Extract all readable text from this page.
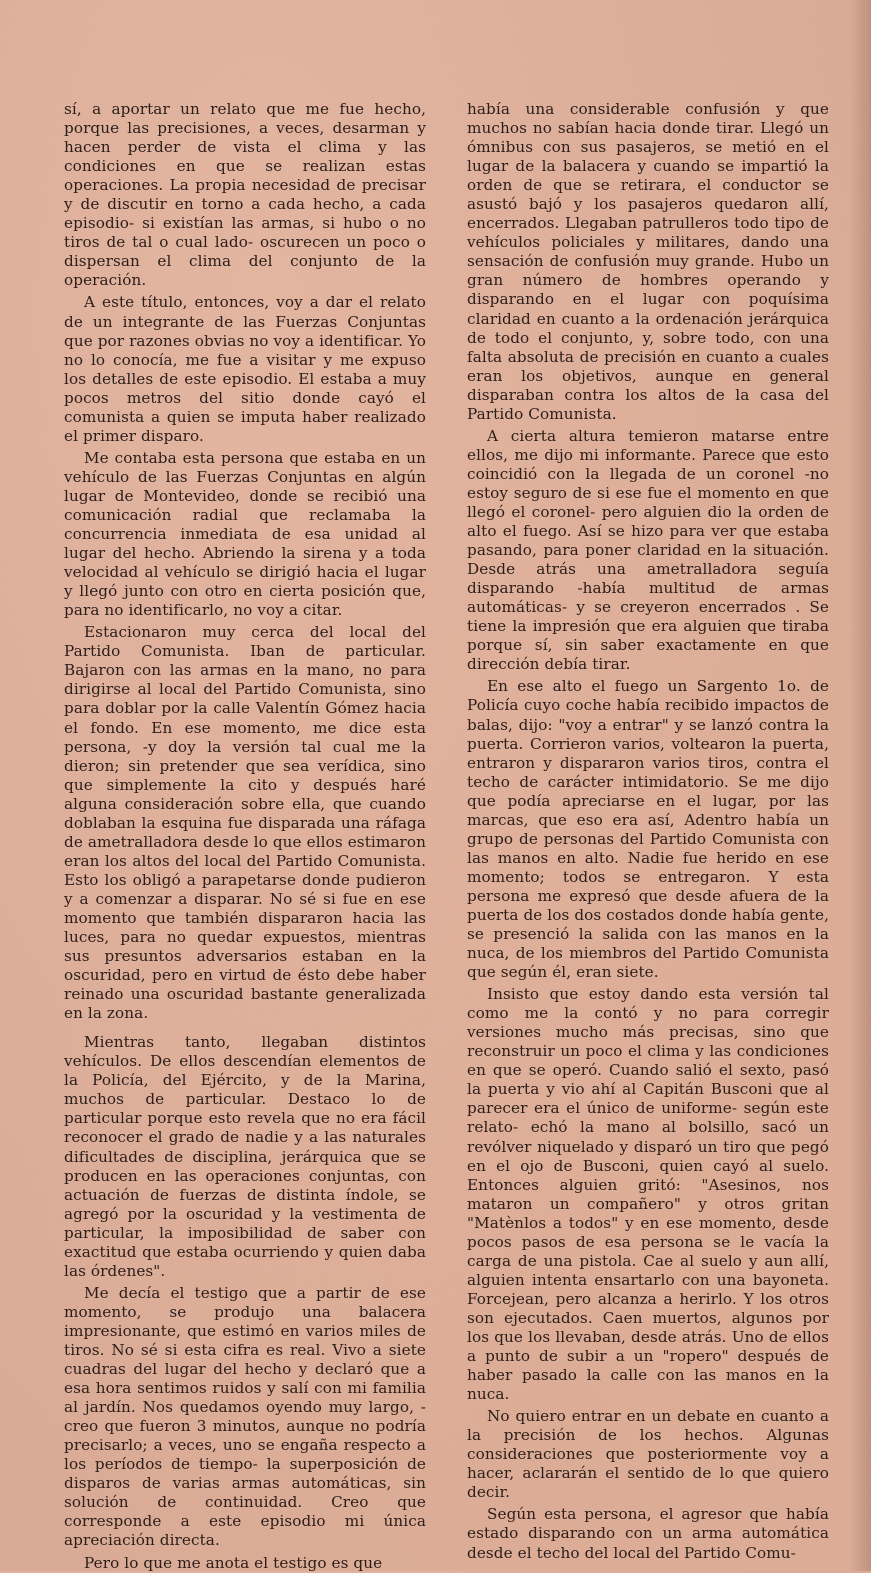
sí, a aportar un relato que me fue hecho, porque las precisiones, a veces, desarman y hacen perder de vista el clima y las condiciones en que se realizan estas operaciones. La propia necesidad de precisar y de discutir en torno a cada hecho, a cada episodio- si existían las armas, si hubo o no tiros de tal o cual lado- oscurecen un poco o dispersan el clima del conjunto de la operación.

A este título, entonces, voy a dar el relato de un integrante de las Fuerzas Conjuntas que por razones obvias no voy a identificar. Yo no lo conocía, me fue a visitar y me expuso los detalles de este episodio. El estaba a muy pocos metros del sitio donde cayó el comunista a quien se imputa haber realizado el primer disparo.

Me contaba esta persona que estaba en un vehículo de las Fuerzas Conjuntas en algún lugar de Montevideo, donde se recibió una comunicación radial que reclamaba la concurrencia inmediata de esa unidad al lugar del hecho. Abriendo la sirena y a toda velocidad al vehículo se dirigió hacia el lugar y llegó junto con otro en cierta posición que, para no identificarlo, no voy a citar.

Estacionaron muy cerca del local del Partido Comunista. Iban de particular. Bajaron con las armas en la mano, no para dirigirse al local del Partido Comunista, sino para doblar por la calle Valentín Gómez hacia el fondo. En ese momento, me dice esta persona, -y doy la versión tal cual me la dieron; sin pretender que sea verídica, sino que simplemente la cito y después haré alguna consideración sobre ella, que cuando doblaban la esquina fue disparada una ráfaga de ametralladora desde lo que ellos estimaron eran los altos del local del Partido Comunista. Esto los obligó a parapetarse donde pudieron y a comenzar a disparar. No sé si fue en ese momento que también dispararon hacia las luces, para no quedar expuestos, mientras sus presuntos adversarios estaban en la oscuridad, pero en virtud de ésto debe haber reinado una oscuridad bastante generalizada en la zona.

Mientras tanto, llegaban distintos vehículos. De ellos descendían elementos de la Policía, del Ejército, y de la Marina, muchos de particular. Destaco lo de particular porque esto revela que no era fácil reconocer el grado de nadie y a las naturales dificultades de disciplina, jerárquica que se producen en las operaciones conjuntas, con actuación de fuerzas de distinta índole, se agregó por la oscuridad y la vestimenta de particular, la imposibilidad de saber con exactitud que estaba ocurriendo y quien daba las órdenes".

Me decía el testigo que a partir de ese momento, se produjo una balacera impresionante, que estimó en varios miles de tiros. No sé si esta cifra es real. Vivo a siete cuadras del lugar del hecho y declaró que a esa hora sentimos ruidos y salí con mi familia al jardín. Nos quedamos oyendo muy largo, -creo que fueron 3 minutos, aunque no podría precisarlo; a veces, uno se engaña respecto a los períodos de tiempo- la superposición de disparos de varias armas automáticas, sin solución de continuidad. Creo que corresponde a este episodio mi única apreciación directa.

Pero lo que me anota el testigo es que

había una considerable confusión y que muchos no sabían hacia donde tirar. Llegó un ómnibus con sus pasajeros, se metió en el lugar de la balacera y cuando se impartió la orden de que se retirara, el conductor se asustó bajó y los pasajeros quedaron allí, encerrados. Llegaban patrulleros todo tipo de vehículos policiales y militares, dando una sensación de confusión muy grande. Hubo un gran número de hombres operando y disparando en el lugar con poquísima claridad en cuanto a la ordenación jerárquica de todo el conjunto, y, sobre todo, con una falta absoluta de precisión en cuanto a cuales eran los objetivos, aunque en general disparaban contra los altos de la casa del Partido Comunista.

A cierta altura temieron matarse entre ellos, me dijo mi informante. Parece que esto coincidió con la llegada de un coronel -no estoy seguro de si ese fue el momento en que llegó el coronel- pero alguien dio la orden de alto el fuego. Así se hizo para ver que estaba pasando, para poner claridad en la situación. Desde atrás una ametralladora seguía disparando -había multitud de armas automáticas- y se creyeron encerrados . Se tiene la impresión que era alguien que tiraba porque sí, sin saber exactamente en que dirección debía tirar.

En ese alto el fuego un Sargento 1o. de Policía cuyo coche había recibido impactos de balas, dijo: "voy a entrar" y se lanzó contra la puerta. Corrieron varios, voltearon la puerta, entraron y dispararon varios tiros, contra el techo de carácter intimidatorio. Se me dijo que podía apreciarse en el lugar, por las marcas, que eso era así, Adentro había un grupo de personas del Partido Comunista con las manos en alto. Nadie fue herido en ese momento; todos se entregaron. Y esta persona me expresó que desde afuera de la puerta de los dos costados donde había gente, se presenció la salida con las manos en la nuca, de los miembros del Partido Comunista que según él, eran siete.

Insisto que estoy dando esta versión tal como me la contó y no para corregir versiones mucho más precisas, sino que reconstruir un poco el clima y las condiciones en que se operó. Cuando salió el sexto, pasó la puerta y vio ahí al Capitán Busconi que al parecer era el único de uniforme- según este relato- echó la mano al bolsillo, sacó un revólver niquelado y disparó un tiro que pegó en el ojo de Busconi, quien cayó al suelo. Entonces alguien gritó: "Asesinos, nos mataron un compañero" y otros gritan "Matènlos a todos" y en ese momento, desde pocos pasos de esa persona se le vacía la carga de una pistola. Cae al suelo y aun allí, alguien intenta ensartarlo con una bayoneta. Forcejean, pero alcanza a herirlo. Y los otros son ejecutados. Caen muertos, algunos por los que los llevaban, desde atrás. Uno de ellos a punto de subir a un "ropero" después de haber pasado la calle con las manos en la nuca.

No quiero entrar en un debate en cuanto a la precisión de los hechos. Algunas consideraciones que posteriormente voy a hacer, aclararán el sentido de lo que quiero decir.

Según esta persona, el agresor que había estado disparando con un arma automática desde el techo del local del Partido Comu-
